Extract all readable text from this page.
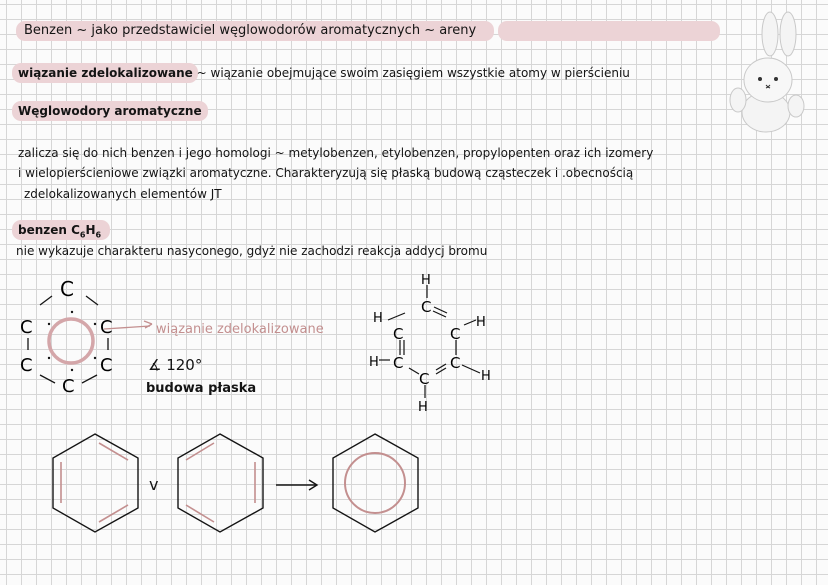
Benzen ~ jako przedstawiciel węglowodorów aromatycznych ~ areny
wiązanie zdelokalizowane ~ wiązanie obejmujące swoim zasięgiem wszystkie atomy w pierścieniu
Węglowodory aromatyczne
zalicza się do nich benzen i jego homologi ~ metylobenzen, etylobenzen, propylopenten oraz ich izomery
i wielopierścieniowe związki aromatyczne. Charakteryzują się płaską budową cząsteczek i .obecnością
zdelokalizowanych elementów JT
benzen $C_6H_6$
nie wykazuje charakteru nasyconego, gdyż nie zachodzi reakcja addycj bromu
C
C	C
C	C
C
wiązanie zdelokalizowane
∡ 120°
budowa płaska
H
C
H
C	C
H
H C	C
H
C
H
v
